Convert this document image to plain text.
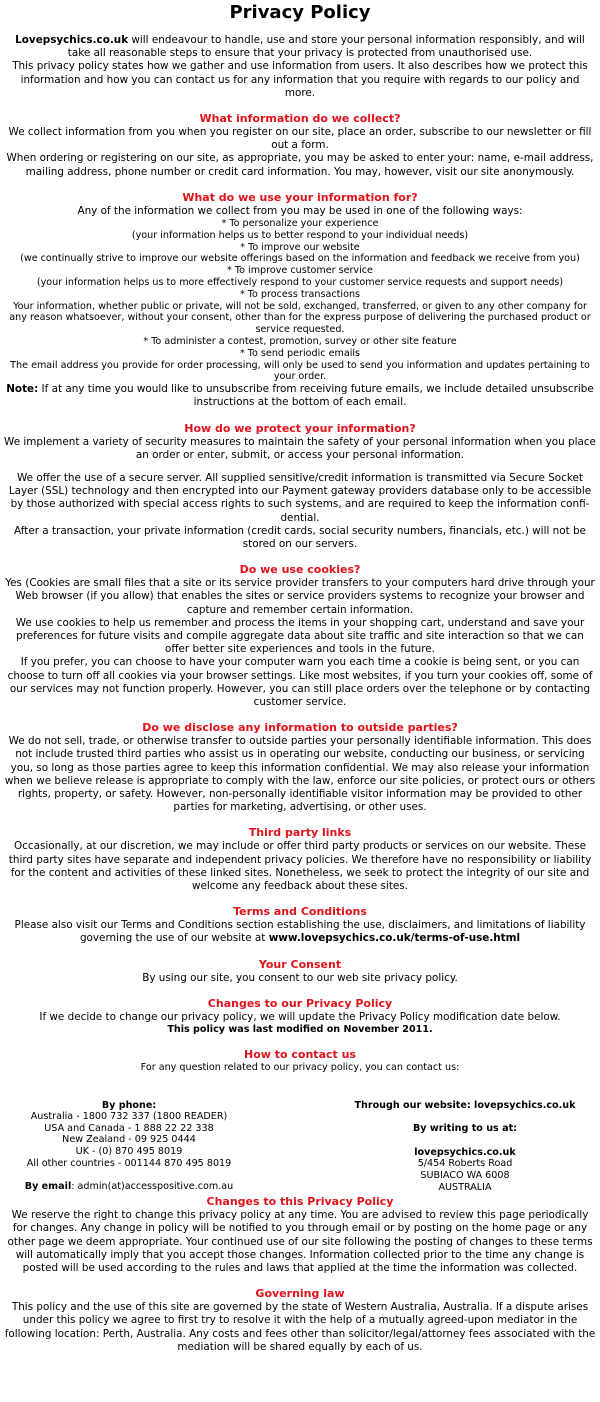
Privacy Policy

Lovepsychics.co.uk will endeavour to handle, use and store your personal information responsibly, and will take all reasonable steps to ensure that your privacy is protected from unauthorised use.

This privacy policy states how we gather and use information from users. It also describes how we protect this information and how you can contact us for any information that you require with regards to our policy and more.

What information do we collect?

We collect information from you when you register on our site, place an order, subscribe to our newsletter or fill out a form.

When ordering or registering on our site, as appropriate, you may be asked to enter your: name, e-mail address, mailing address, phone number or credit card information. You may, however, visit our site anonymously.

What do we use your information for?

Any of the information we collect from you may be used in one of the following ways:

* To personalize your experience

(your information helps us to better respond to your individual needs)

* To improve our website

(we continually strive to improve our website offerings based on the information and feedback we receive from you)

* To improve customer service

(your information helps us to more effectively respond to your customer service requests and support needs)

* To process transactions

Your information, whether public or private, will not be sold, exchanged, transferred, or given to any other company for any reason whatsoever, without your consent, other than for the express purpose of delivering the purchased product or service requested.

* To administer a contest, promotion, survey or other site feature

* To send periodic emails

The email address you provide for order processing, will only be used to send you information and updates pertaining to your order.

Note: If at any time you would like to unsubscribe from receiving future emails, we include detailed unsubscribe instructions at the bottom of each email.

How do we protect your information?

We implement a variety of security measures to maintain the safety of your personal information when you place an order or enter, submit, or access your personal information.

We offer the use of a secure server. All supplied sensitive/credit information is transmitted via Secure Socket Layer (SSL) technology and then encrypted into our Payment gateway providers database only to be accessible by those authorized with special access rights to such systems, and are required to keep the information confi-dential.

After a transaction, your private information (credit cards, social security numbers, financials, etc.) will not be stored on our servers.

Do we use cookies?

Yes (Cookies are small files that a site or its service provider transfers to your computers hard drive through your Web browser (if you allow) that enables the sites or service providers systems to recognize your browser and capture and remember certain information.

We use cookies to help us remember and process the items in your shopping cart, understand and save your preferences for future visits and compile aggregate data about site traffic and site interaction so that we can offer better site experiences and tools in the future.

If you prefer, you can choose to have your computer warn you each time a cookie is being sent, or you can choose to turn off all cookies via your browser settings. Like most websites, if you turn your cookies off, some of our services may not function properly. However, you can still place orders over the telephone or by contacting customer service.

Do we disclose any information to outside parties?

We do not sell, trade, or otherwise transfer to outside parties your personally identifiable information. This does not include trusted third parties who assist us in operating our website, conducting our business, or servicing you, so long as those parties agree to keep this information confidential. We may also release your information when we believe release is appropriate to comply with the law, enforce our site policies, or protect ours or others rights, property, or safety. However, non-personally identifiable visitor information may be provided to other parties for marketing, advertising, or other uses.

Third party links

Occasionally, at our discretion, we may include or offer third party products or services on our website. These third party sites have separate and independent privacy policies. We therefore have no responsibility or liability for the content and activities of these linked sites. Nonetheless, we seek to protect the integrity of our site and welcome any feedback about these sites.

Terms and Conditions

Please also visit our Terms and Conditions section establishing the use, disclaimers, and limitations of liability governing the use of our website at www.lovepsychics.co.uk/terms-of-use.html

Your Consent

By using our site, you consent to our web site privacy policy.

Changes to our Privacy Policy

If we decide to change our privacy policy, we will update the Privacy Policy modification date below.

This policy was last modified on November 2011.

How to contact us

For any question related to our privacy policy, you can contact us:

By phone:
Australia - 1800 732 337 (1800 READER)
USA and Canada - 1 888 22 22 338
New Zealand - 09 925 0444
UK - (0) 870 495 8019
All other countries - 001144 870 495 8019
By email: admin(at)accesspositive.com.au
Through our website: lovepsychics.co.uk
By writing to us at:
lovepsychics.co.uk
5/454 Roberts Road
SUBIACO WA 6008
AUSTRALIA
Changes to this Privacy Policy

We reserve the right to change this privacy policy at any time. You are advised to review this page periodically for changes. Any change in policy will be notified to you through email or by posting on the home page or any other page we deem appropriate. Your continued use of our site following the posting of changes to these terms will automatically imply that you accept those changes. Information collected prior to the time any change is posted will be used according to the rules and laws that applied at the time the information was collected.

Governing law

This policy and the use of this site are governed by the state of Western Australia, Australia. If a dispute arises under this policy we agree to first try to resolve it with the help of a mutually agreed-upon mediator in the following location: Perth, Australia. Any costs and fees other than solicitor/legal/attorney fees associated with the mediation will be shared equally by each of us.
